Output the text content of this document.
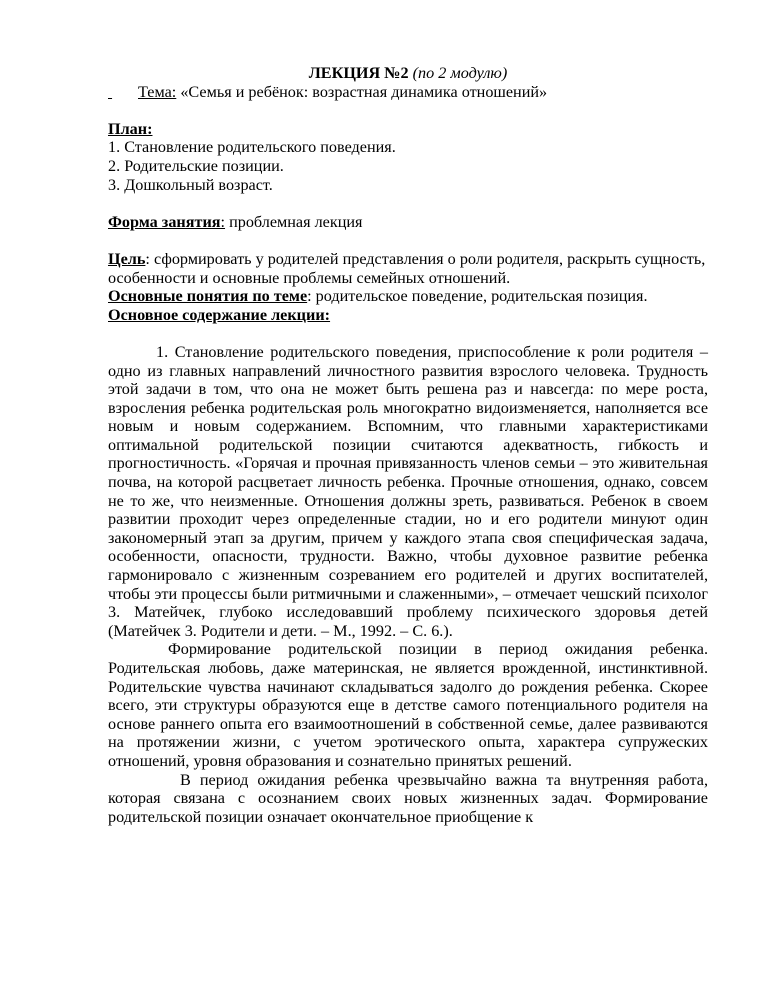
ЛЕКЦИЯ №2 (по 2 модулю)

Тема: «Семья и ребёнок: возрастная динамика отношений»

План:

1. Становление родительского поведения.

2. Родительские позиции.

3. Дошкольный возраст.

Форма занятия: проблемная лекция

Цель: сформировать у родителей представления о роли родителя, раскрыть сущность, особенности и основные проблемы семейных отношений.

Основные понятия по теме: родительское поведение, родительская позиция.

Основное содержание лекции:

1. Становление родительского поведения, приспособление к роли родителя – одно из главных направлений личностного развития взрослого человека. Трудность этой задачи в том, что она не может быть решена раз и навсегда: по мере роста, взросления ребенка родительская роль многократно видоизменяется, наполняется все новым и новым содержанием. Вспомним, что главными характеристиками оптимальной родительской позиции считаются адекватность, гибкость и прогностичность. «Горячая и прочная привязанность членов семьи – это живительная почва, на которой расцветает личность ребенка. Прочные отношения, однако, совсем не то же, что неизменные. Отношения должны зреть, развиваться. Ребенок в своем развитии проходит через определенные стадии, но и его родители минуют один закономерный этап за другим, причем у каждого этапа своя специфическая задача, особенности, опасности, трудности. Важно, чтобы духовное развитие ребенка гармонировало с жизненным созреванием его родителей и других воспитателей, чтобы эти процессы были ритмичными и слаженными», – отмечает чешский психолог 3. Матейчек, глубоко исследовавший проблему психического здоровья детей (Матейчек 3. Родители и дети. – М., 1992. – С. 6.).

Формирование родительской позиции в период ожидания ребенка. Родительская любовь, даже материнская, не является врожденной, инстинктивной. Родительские чувства начинают складываться задолго до рождения ребенка. Скорее всего, эти структуры образуются еще в детстве самого потенциального родителя на основе раннего опыта его взаимоотношений в собственной семье, далее развиваются на протяжении жизни, с учетом эротического опыта, характера супружеских отношений, уровня образования и сознательно принятых решений.

В период ожидания ребенка чрезвычайно важна та внутренняя работа, которая связана с осознанием своих новых жизненных задач. Формирование родительской позиции означает окончательное приобщение к
